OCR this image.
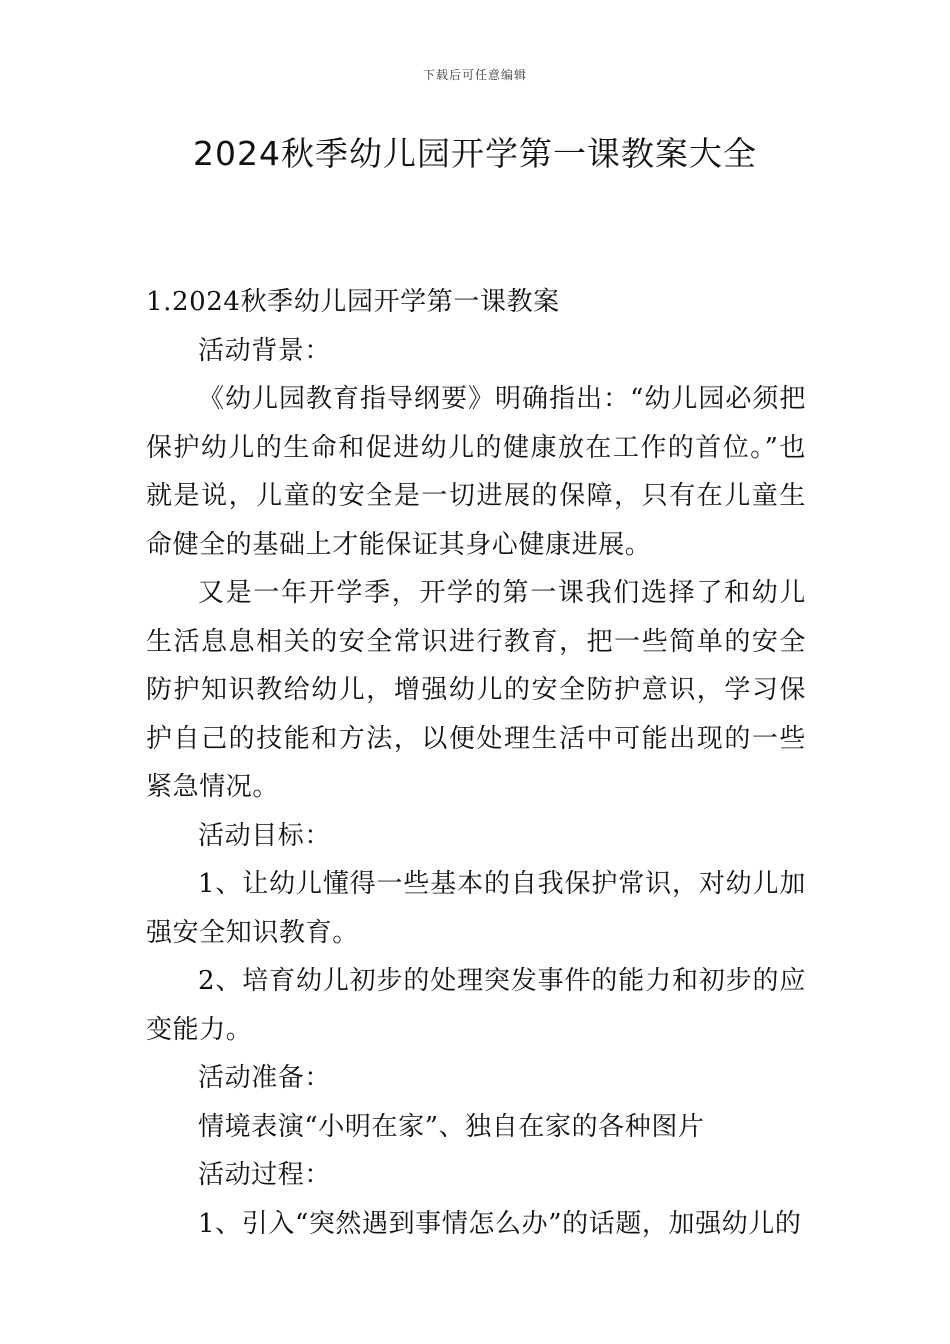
下载后可任意编辑
2024秋季幼儿园开学第一课教案大全

1.2024秋季幼儿园开学第一课教案

活动背景：

《幼儿园教育指导纲要》明确指出：“幼儿园必须把保护幼儿的生命和促进幼儿的健康放在工作的首位。”也就是说，儿童的安全是一切进展的保障，只有在儿童生命健全的基础上才能保证其身心健康进展。

又是一年开学季，开学的第一课我们选择了和幼儿生活息息相关的安全常识进行教育，把一些简单的安全防护知识教给幼儿，增强幼儿的安全防护意识，学习保护自己的技能和方法，以便处理生活中可能出现的一些紧急情况。

活动目标：

1、让幼儿懂得一些基本的自我保护常识，对幼儿加强安全知识教育。

2、培育幼儿初步的处理突发事件的能力和初步的应变能力。

活动准备：

情境表演“小明在家”、独自在家的各种图片

活动过程：

1、引入“突然遇到事情怎么办”的话题，加强幼儿的
